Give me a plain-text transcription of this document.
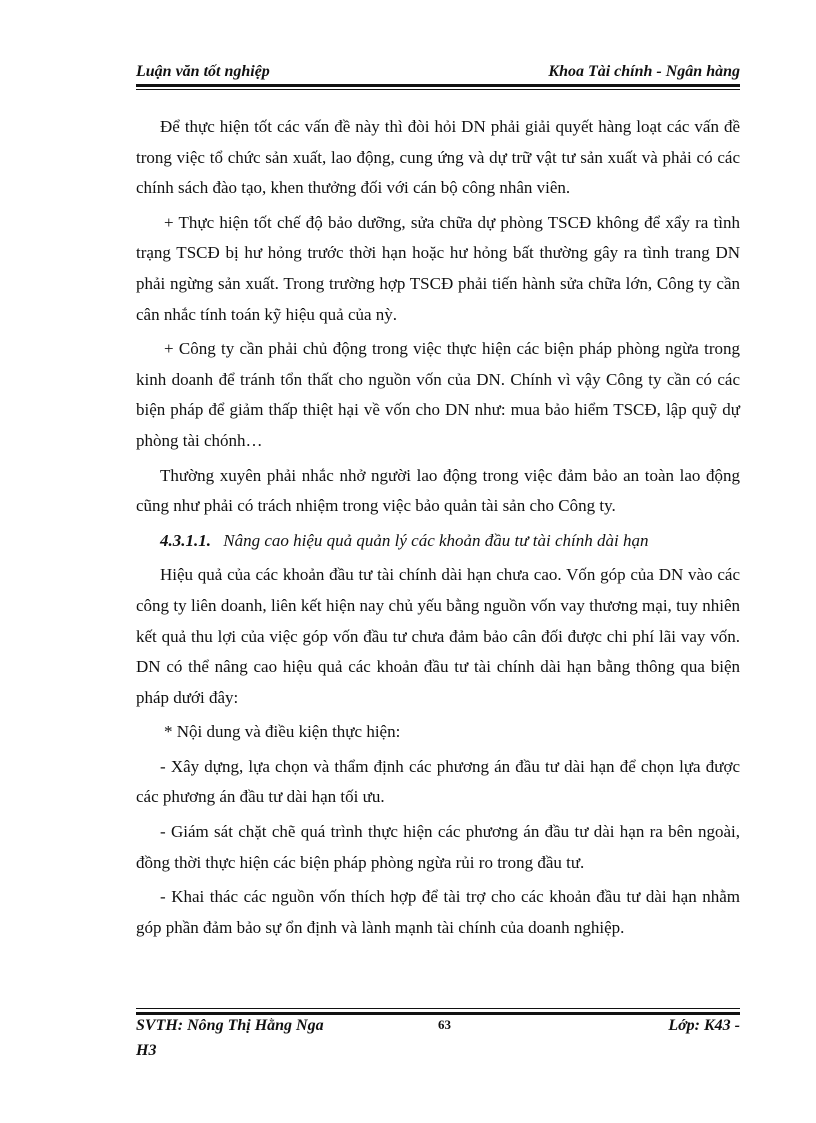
Luận văn tốt nghiệp	Khoa Tài chính - Ngân hàng

Để thực hiện tốt các vấn đề này thì đòi hỏi DN phải giải quyết hàng loạt các vấn đề trong việc tổ chức sản xuất, lao động, cung ứng và dự trữ vật tư sản xuất và phải có các chính sách đào tạo, khen thưởng đối với cán bộ công nhân viên.

+ Thực hiện tốt chế độ bảo dưỡng, sửa chữa dự phòng TSCĐ không để xẩy ra tình trạng TSCĐ bị hư hỏng trước thời hạn hoặc hư hỏng bất thường gây ra tình trang DN phải ngừng sản xuất. Trong trường hợp TSCĐ phải tiến hành sửa chữa lớn, Công ty cần cân nhắc tính toán kỹ hiệu quả của nỳ.

+ Công ty cần phải chủ động trong việc thực hiện các biện pháp phòng ngừa trong kinh doanh để tránh tổn thất cho nguồn vốn của DN. Chính vì vậy Công ty cần có các biện pháp để giảm thấp thiệt hại về vốn cho DN như: mua bảo hiểm TSCĐ, lập quỹ dự phòng tài chónh…

Thường xuyên phải nhắc nhở người lao động trong việc đảm bảo an toàn lao động cũng như phải có trách nhiệm trong việc bảo quản tài sản cho Công ty.

4.3.1.1. Nâng cao hiệu quả quản lý các khoản đầu tư tài chính dài hạn

Hiệu quả của các khoản đầu tư tài chính dài hạn chưa cao. Vốn góp của DN vào các công ty liên doanh, liên kết hiện nay chủ yếu bằng nguồn vốn vay thương mại, tuy nhiên kết quả thu lợi của việc góp vốn đầu tư chưa đảm bảo cân đối được chi phí lãi vay vốn. DN có thể nâng cao hiệu quả các khoản đầu tư tài chính dài hạn bằng thông qua biện pháp dưới đây:

* Nội dung và điều kiện thực hiện:

- Xây dựng, lựa chọn và thẩm định các phương án đầu tư dài hạn để chọn lựa được các phương án đầu tư dài hạn tối ưu.

- Giám sát chặt chẽ quá trình thực hiện các phương án đầu tư dài hạn ra bên ngoài, đồng thời thực hiện các biện pháp phòng ngừa rủi ro trong đầu tư.

- Khai thác các nguồn vốn thích hợp để tài trợ cho các khoản đầu tư dài hạn nhằm góp phần đảm bảo sự ổn định và lành mạnh tài chính của doanh nghiệp.

SVTH: Nông Thị Hằng Nga	63	Lớp: K43 -
H3
